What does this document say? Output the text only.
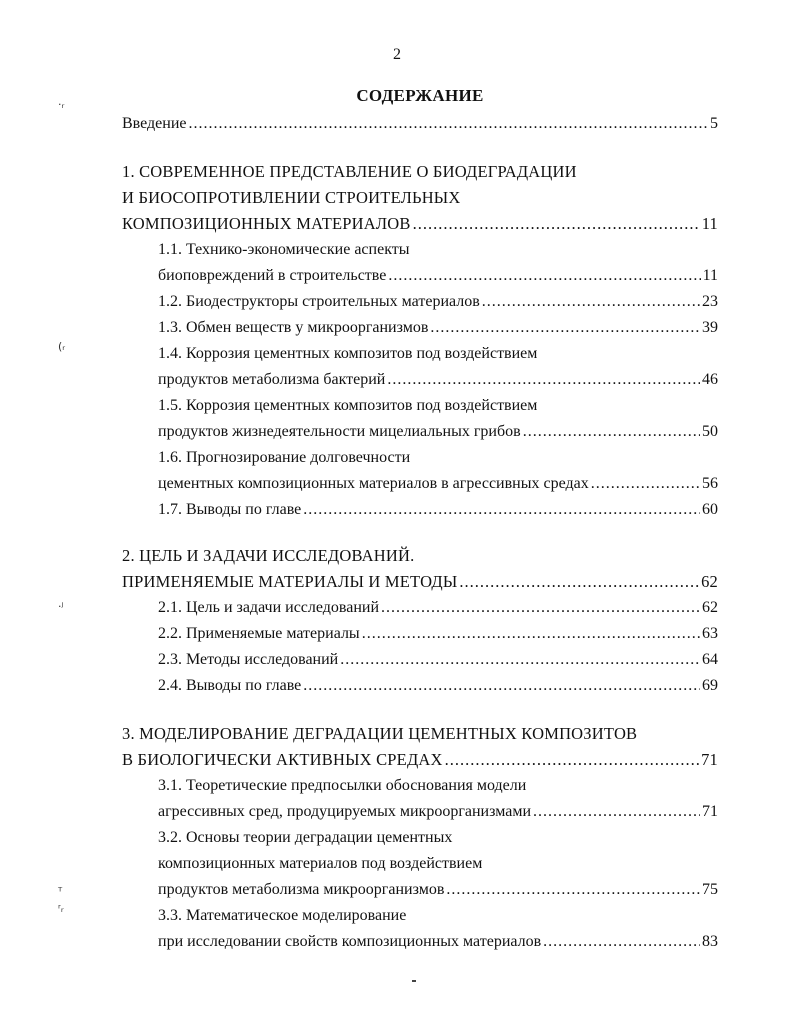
2
СОДЕРЖАНИЕ
·ᵣ
(ᵣ
·ʲ
ᵀ
ʳᵣ
Введение .....	5
1. СОВРЕМЕННОЕ ПРЕДСТАВЛЕНИЕ О БИОДЕГРАДАЦИИ
И БИОСОПРОТИВЛЕНИИ СТРОИТЕЛЬНЫХ
КОМПОЗИЦИОННЫХ МАТЕРИАЛОВ .....	11
1.1. Технико-экономические аспекты
биоповреждений в строительстве .....	11
1.2. Биодеструкторы строительных материалов .....	23
1.3. Обмен веществ у микроорганизмов .....	39
1.4. Коррозия цементных композитов под воздействием
продуктов метаболизма бактерий .....	46
1.5. Коррозия цементных композитов под воздействием
продуктов жизнедеятельности мицелиальных грибов .....	50
1.6. Прогнозирование долговечности
цементных композиционных материалов в агрессивных средах .....	56
1.7. Выводы по главе .....	60
2. ЦЕЛЬ И ЗАДАЧИ ИССЛЕДОВАНИЙ.
ПРИМЕНЯЕМЫЕ МАТЕРИАЛЫ И МЕТОДЫ .....	62
2.1. Цель и задачи исследований .....	62
2.2. Применяемые материалы .....	63
2.3. Методы исследований .....	64
2.4. Выводы по главе .....	69
3. МОДЕЛИРОВАНИЕ ДЕГРАДАЦИИ ЦЕМЕНТНЫХ КОМПОЗИТОВ
В БИОЛОГИЧЕСКИ АКТИВНЫХ СРЕДАХ .....	71
3.1. Теоретические предпосылки обоснования модели
агрессивных сред, продуцируемых микроорганизмами .....	71
3.2. Основы теории деградации цементных
композиционных материалов под воздействием
продуктов метаболизма микроорганизмов .....	75
3.3. Математическое моделирование
при исследовании свойств композиционных материалов .....	83
